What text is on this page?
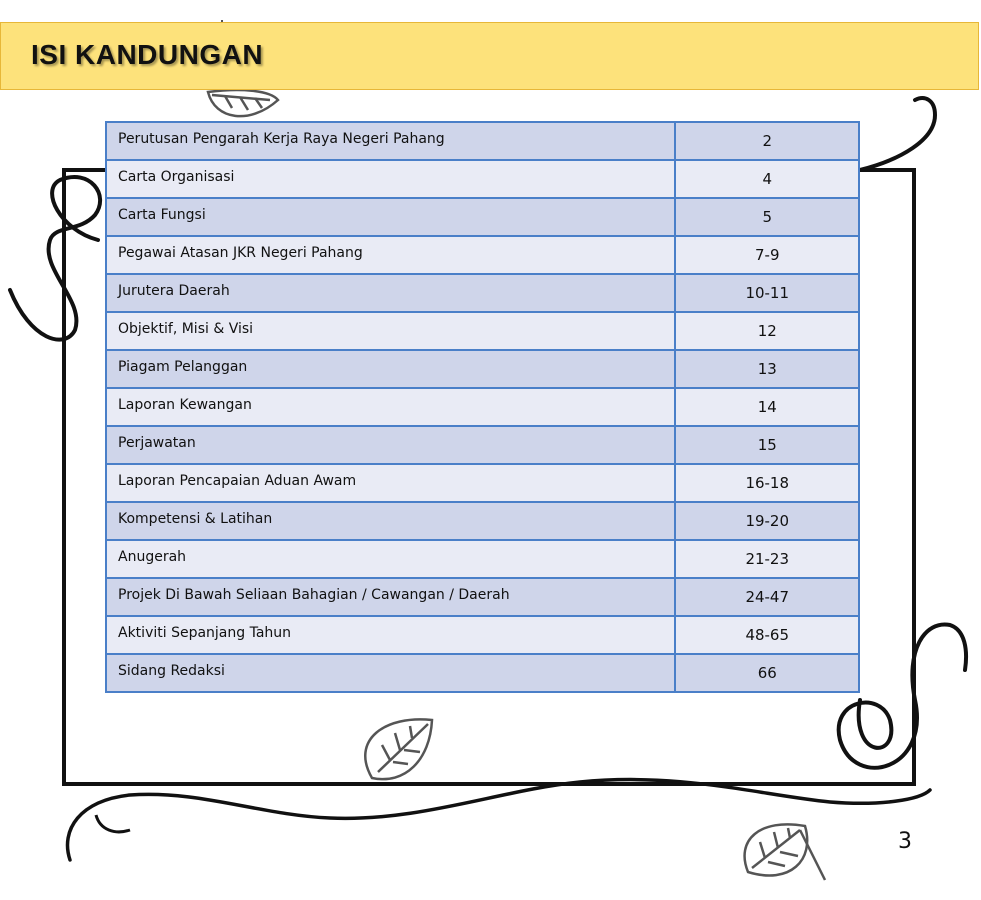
ISI KANDUNGAN
Perutusan Pengarah Kerja Raya Negeri Pahang	2
Carta Organisasi	4
Carta Fungsi	5
Pegawai Atasan JKR Negeri Pahang	7-9
Jurutera Daerah	10-11
Objektif, Misi & Visi	12
Piagam Pelanggan	13
Laporan Kewangan	14
Perjawatan	15
Laporan Pencapaian Aduan Awam	16-18
Kompetensi & Latihan	19-20
Anugerah	21-23
Projek Di Bawah Seliaan Bahagian / Cawangan / Daerah	24-47
Aktiviti Sepanjang Tahun	48-65
Sidang Redaksi	66
3
